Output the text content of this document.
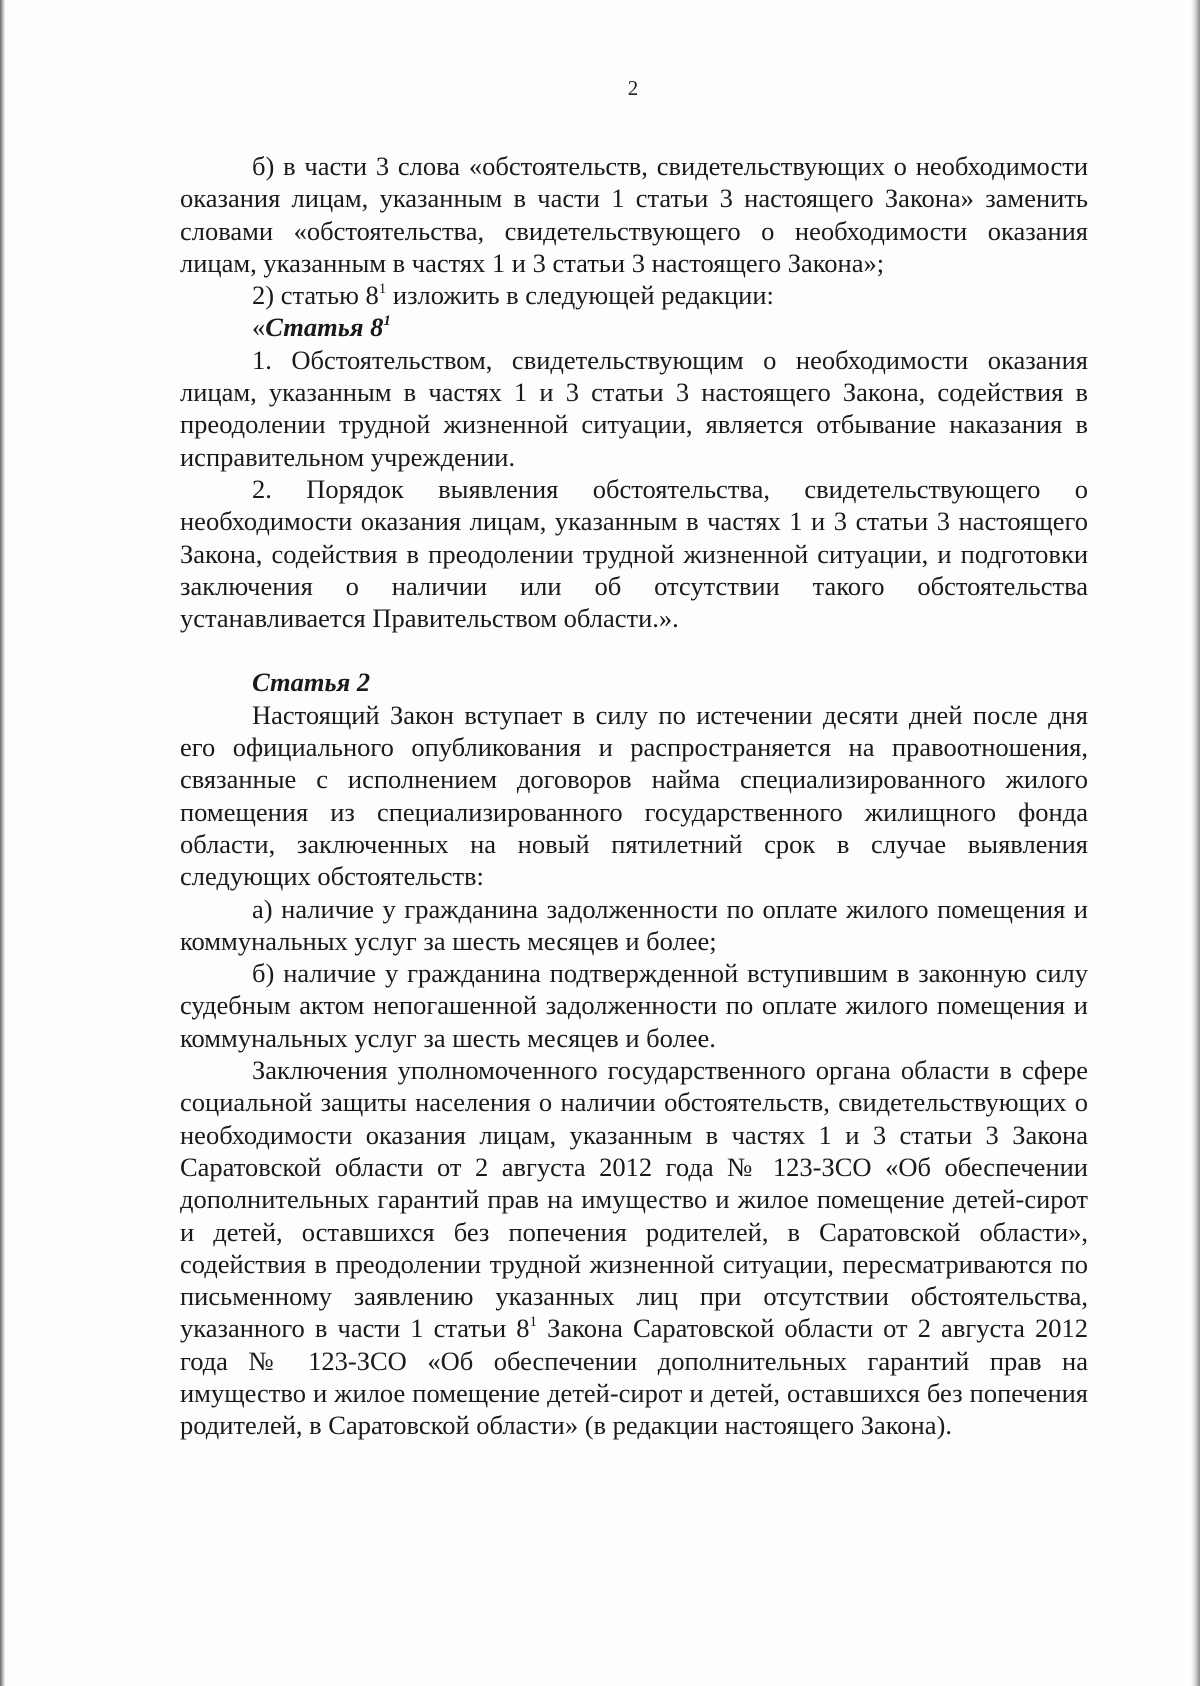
2

б) в части 3 слова «обстоятельств, свидетельствующих о необходимости оказания лицам, указанным в части 1 статьи 3 настоящего Закона» заменить словами «обстоятельства, свидетельствующего о необходимости оказания лицам, указанным в частях 1 и 3 статьи 3 настоящего Закона»;

2) статью $8^1$ изложить в следующей редакции:

«Статья $8^1$

1. Обстоятельством, свидетельствующим о необходимости оказания лицам, указанным в частях 1 и 3 статьи 3 настоящего Закона, содействия в преодолении трудной жизненной ситуации, является отбывание наказания в исправительном учреждении.

2. Порядок выявления обстоятельства, свидетельствующего о необходимости оказания лицам, указанным в частях 1 и 3 статьи 3 настоящего Закона, содействия в преодолении трудной жизненной ситуации, и подготовки заключения о наличии или об отсутствии такого обстоятельства устанавливается Правительством области.».

Статья 2

Настоящий Закон вступает в силу по истечении десяти дней после дня его официального опубликования и распространяется на правоотношения, связанные с исполнением договоров найма специализированного жилого помещения из специализированного государственного жилищного фонда области, заключенных на новый пятилетний срок в случае выявления следующих обстоятельств:

а) наличие у гражданина задолженности по оплате жилого помещения и коммунальных услуг за шесть месяцев и более;

б) наличие у гражданина подтвержденной вступившим в законную силу судебным актом непогашенной задолженности по оплате жилого помещения и коммунальных услуг за шесть месяцев и более.

Заключения уполномоченного государственного органа области в сфере социальной защиты населения о наличии обстоятельств, свидетельствующих о необходимости оказания лицам, указанным в частях 1 и 3 статьи 3 Закона Саратовской области от 2 августа 2012 года № 123-ЗСО «Об обеспечении дополнительных гарантий прав на имущество и жилое помещение детей-сирот и детей, оставшихся без попечения родителей, в Саратовской области», содействия в преодолении трудной жизненной ситуации, пересматриваются по письменному заявлению указанных лиц при отсутствии обстоятельства, указанного в части 1 статьи $8^1$ Закона Саратовской области от 2 августа 2012 года № 123-ЗСО «Об обеспечении дополнительных гарантий прав на имущество и жилое помещение детей-сирот и детей, оставшихся без попечения родителей, в Саратовской области» (в редакции настоящего Закона).
